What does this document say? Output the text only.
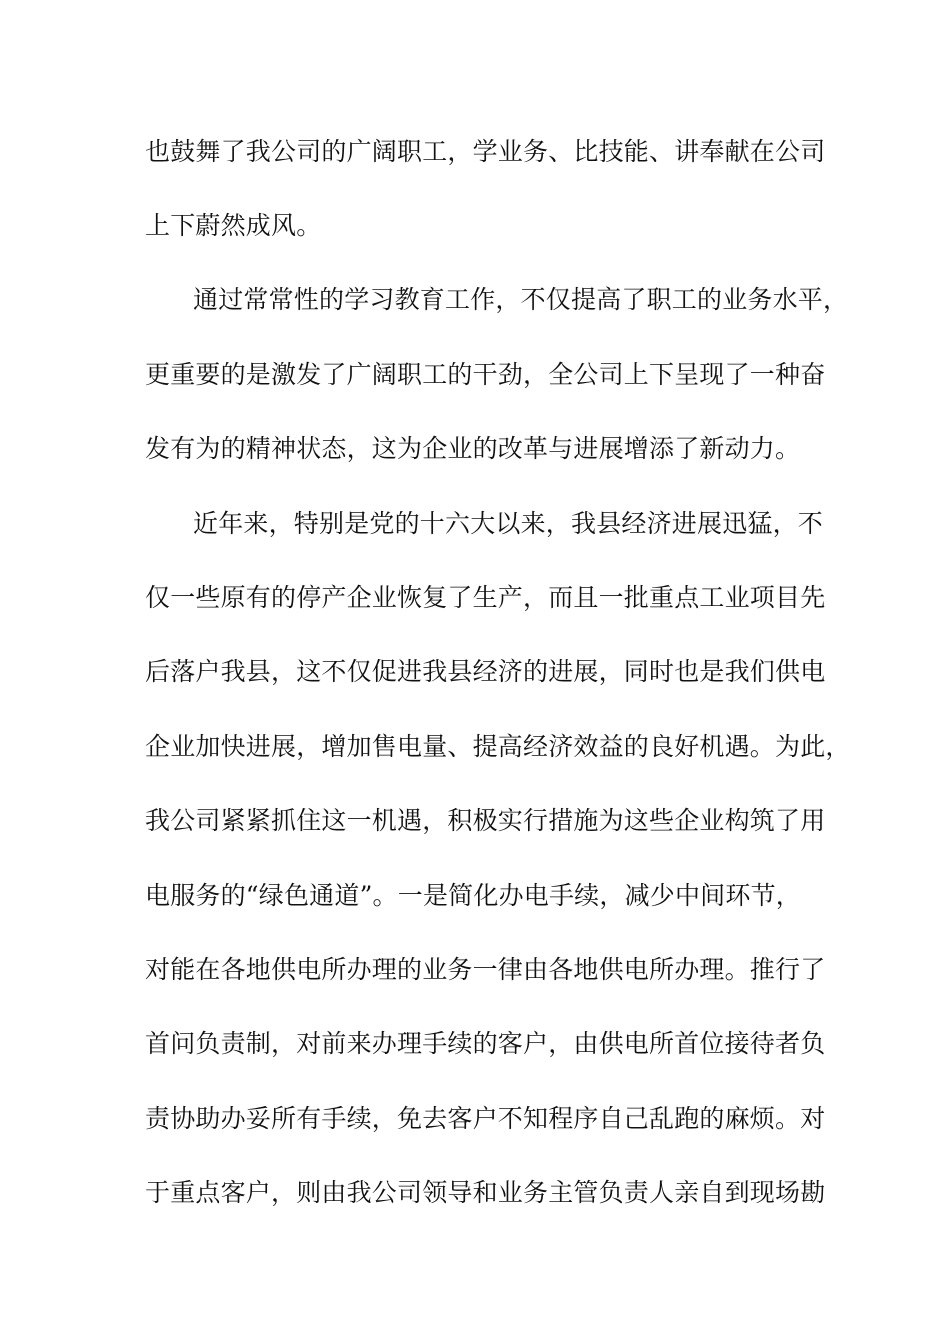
也鼓舞了我公司的广阔职工，学业务、比技能、讲奉献在公司
上下蔚然成风。
通过常常性的学习教育工作，不仅提高了职工的业务水平，
更重要的是激发了广阔职工的干劲，全公司上下呈现了一种奋
发有为的精神状态，这为企业的改革与进展增添了新动力。
近年来，特别是党的十六大以来，我县经济进展迅猛，不
仅一些原有的停产企业恢复了生产，而且一批重点工业项目先
后落户我县，这不仅促进我县经济的进展，同时也是我们供电
企业加快进展，增加售电量、提高经济效益的良好机遇。为此，
我公司紧紧抓住这一机遇，积极实行措施为这些企业构筑了用
电服务的“绿色通道”。一是简化办电手续，减少中间环节，
对能在各地供电所办理的业务一律由各地供电所办理。推行了
首问负责制，对前来办理手续的客户，由供电所首位接待者负
责协助办妥所有手续，免去客户不知程序自己乱跑的麻烦。对
于重点客户，则由我公司领导和业务主管负责人亲自到现场勘
